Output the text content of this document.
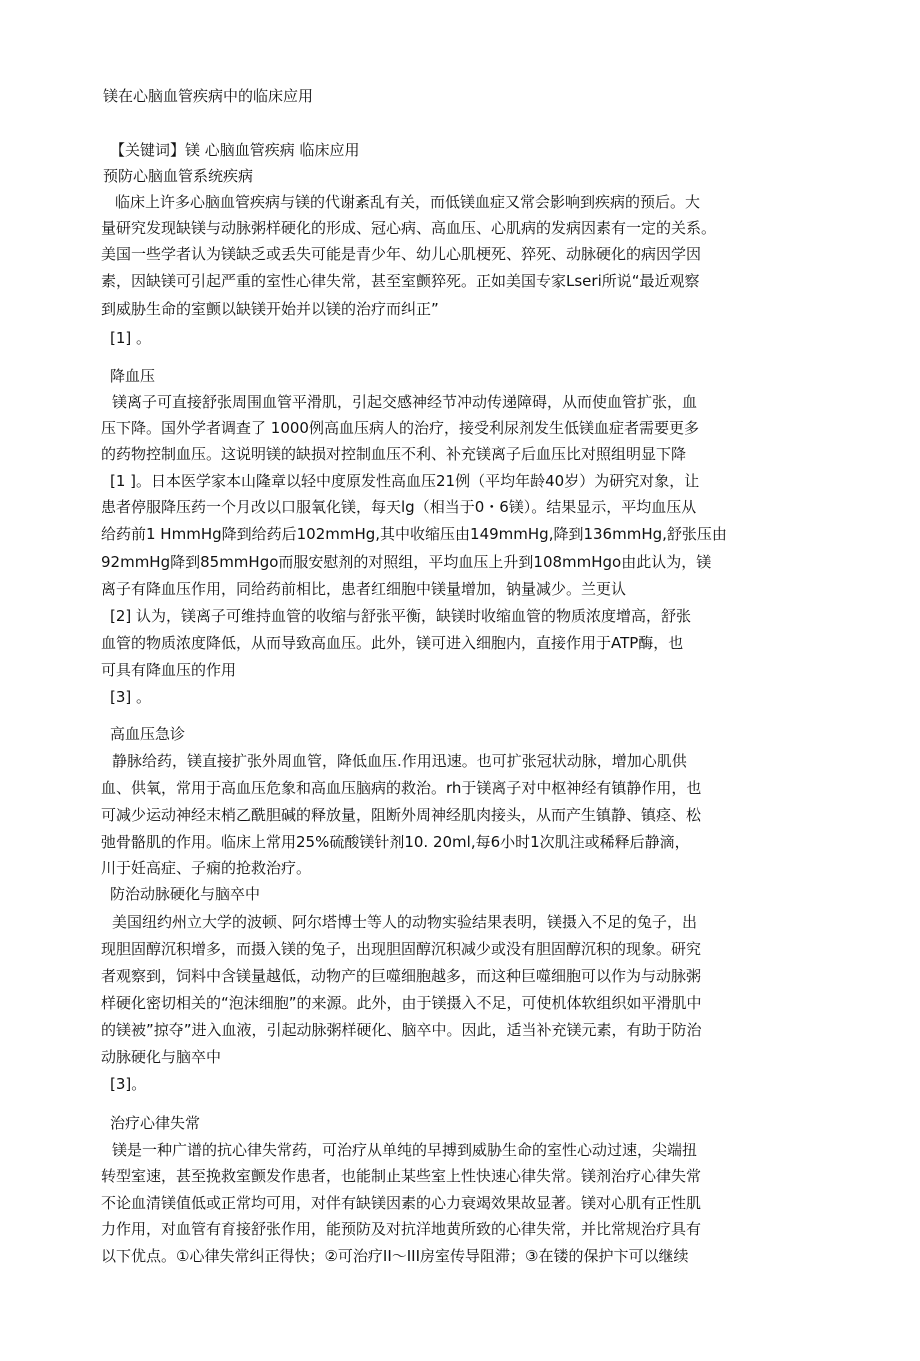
镁在心脑血管疾病中的临床应用

【关键词】镁 心脑血管疾病 临床应用

预防心脑血管系统疾病

临床上许多心脑血管疾病与镁的代谢紊乱有关，而低镁血症又常会影响到疾病的预后。大

量研究发现缺镁与动脉粥样硬化的形成、冠心病、高血压、心肌病的发病因素有一定的关系。

美国一些学者认为镁缺乏或丢失可能是青少年、幼儿心肌梗死、猝死、动脉硬化的病因学因

素，因缺镁可引起严重的室性心律失常，甚至室颤猝死。正如美国专家Lseri所说“最近观察

到威胁生命的室颤以缺镁开始并以镁的治疗而纠正”

[1] 。

降血压

镁离子可直接舒张周围血管平滑肌，引起交感神经节冲动传递障碍，从而使血管扩张，血

压下降。国外学者调查了 1000例高血压病人的治疗，接受利尿剂发生低镁血症者需要更多

的药物控制血压。这说明镁的缺损对控制血压不利、补充镁离子后血压比对照组明显下降

[1 ]。日本医学家本山隆章以轻中度原发性高血压21例（平均年龄40岁）为研究对象，让

患者停服降压药一个月改以口服氧化镁，每天lg（相当于0・6镁）。结果显示，平均血压从

给药前1 HmmHg降到给药后102mmHg,其中收缩压由149mmHg,降到136mmHg,舒张压由

92mmHg降到85mmHgo而服安慰剂的对照组，平均血压上升到108mmHgo由此认为，镁

离子有降血压作用，同给药前相比，患者红细胞中镁量增加，钠量减少。兰更认

[2] 认为，镁离子可维持血管的收缩与舒张平衡，缺镁时收缩血管的物质浓度增高，舒张

血管的物质浓度降低，从而导致高血压。此外，镁可进入细胞内，直接作用于ATP酶，也

可具有降血压的作用

[3] 。

高血压急诊

静脉给药，镁直接扩张外周血管，降低血压.作用迅速。也可扩张冠状动脉，增加心肌供

血、供氧，常用于高血压危象和高血压脑病的救治。rh于镁离子对中枢神经有镇静作用，也

可减少运动神经末梢乙酰胆碱的释放量，阻断外周神经肌肉接头，从而产生镇静、镇痉、松

弛骨骼肌的作用。临床上常用25%硫酸镁针剂10. 20ml,每6小时1次肌注或稀释后静滴，

川于妊高症、子痫的抢救治疗。

防治动脉硬化与脑卒中

美国纽约州立大学的波顿、阿尔塔博士等人的动物实验结果表明，镁摄入不足的兔子，出

现胆固醇沉积增多，而摄入镁的兔子，出现胆固醇沉积减少或没有胆固醇沉积的现象。研究

者观察到，饲料中含镁量越低，动物产的巨噬细胞越多，而这种巨噬细胞可以作为与动脉粥

样硬化密切相关的“泡沫细胞”的来源。此外，由于镁摄入不足，可使机体软组织如平滑肌中

的镁被”掠夺”进入血液，引起动脉粥样硬化、脑卒中。因此，适当补充镁元素，有助于防治

动脉硬化与脑卒中

[3]。

治疗心律失常

镁是一种广谱的抗心律失常药，可治疗从单纯的早搏到威胁生命的室性心动过速，尖端扭

转型室速，甚至挽救室颤发作患者，也能制止某些室上性快速心律失常。镁剂治疗心律失常

不论血清镁值低或正常均可用，对伴有缺镁因素的心力衰竭效果故显著。镁对心肌有正性肌

力作用，对血管有育接舒张作用，能预防及对抗洋地黄所致的心律失常，并比常规治疗具有

以下优点。①心律失常纠正得快；②可治疗II～III房室传导阻滞；③在镂的保护卞可以继续
